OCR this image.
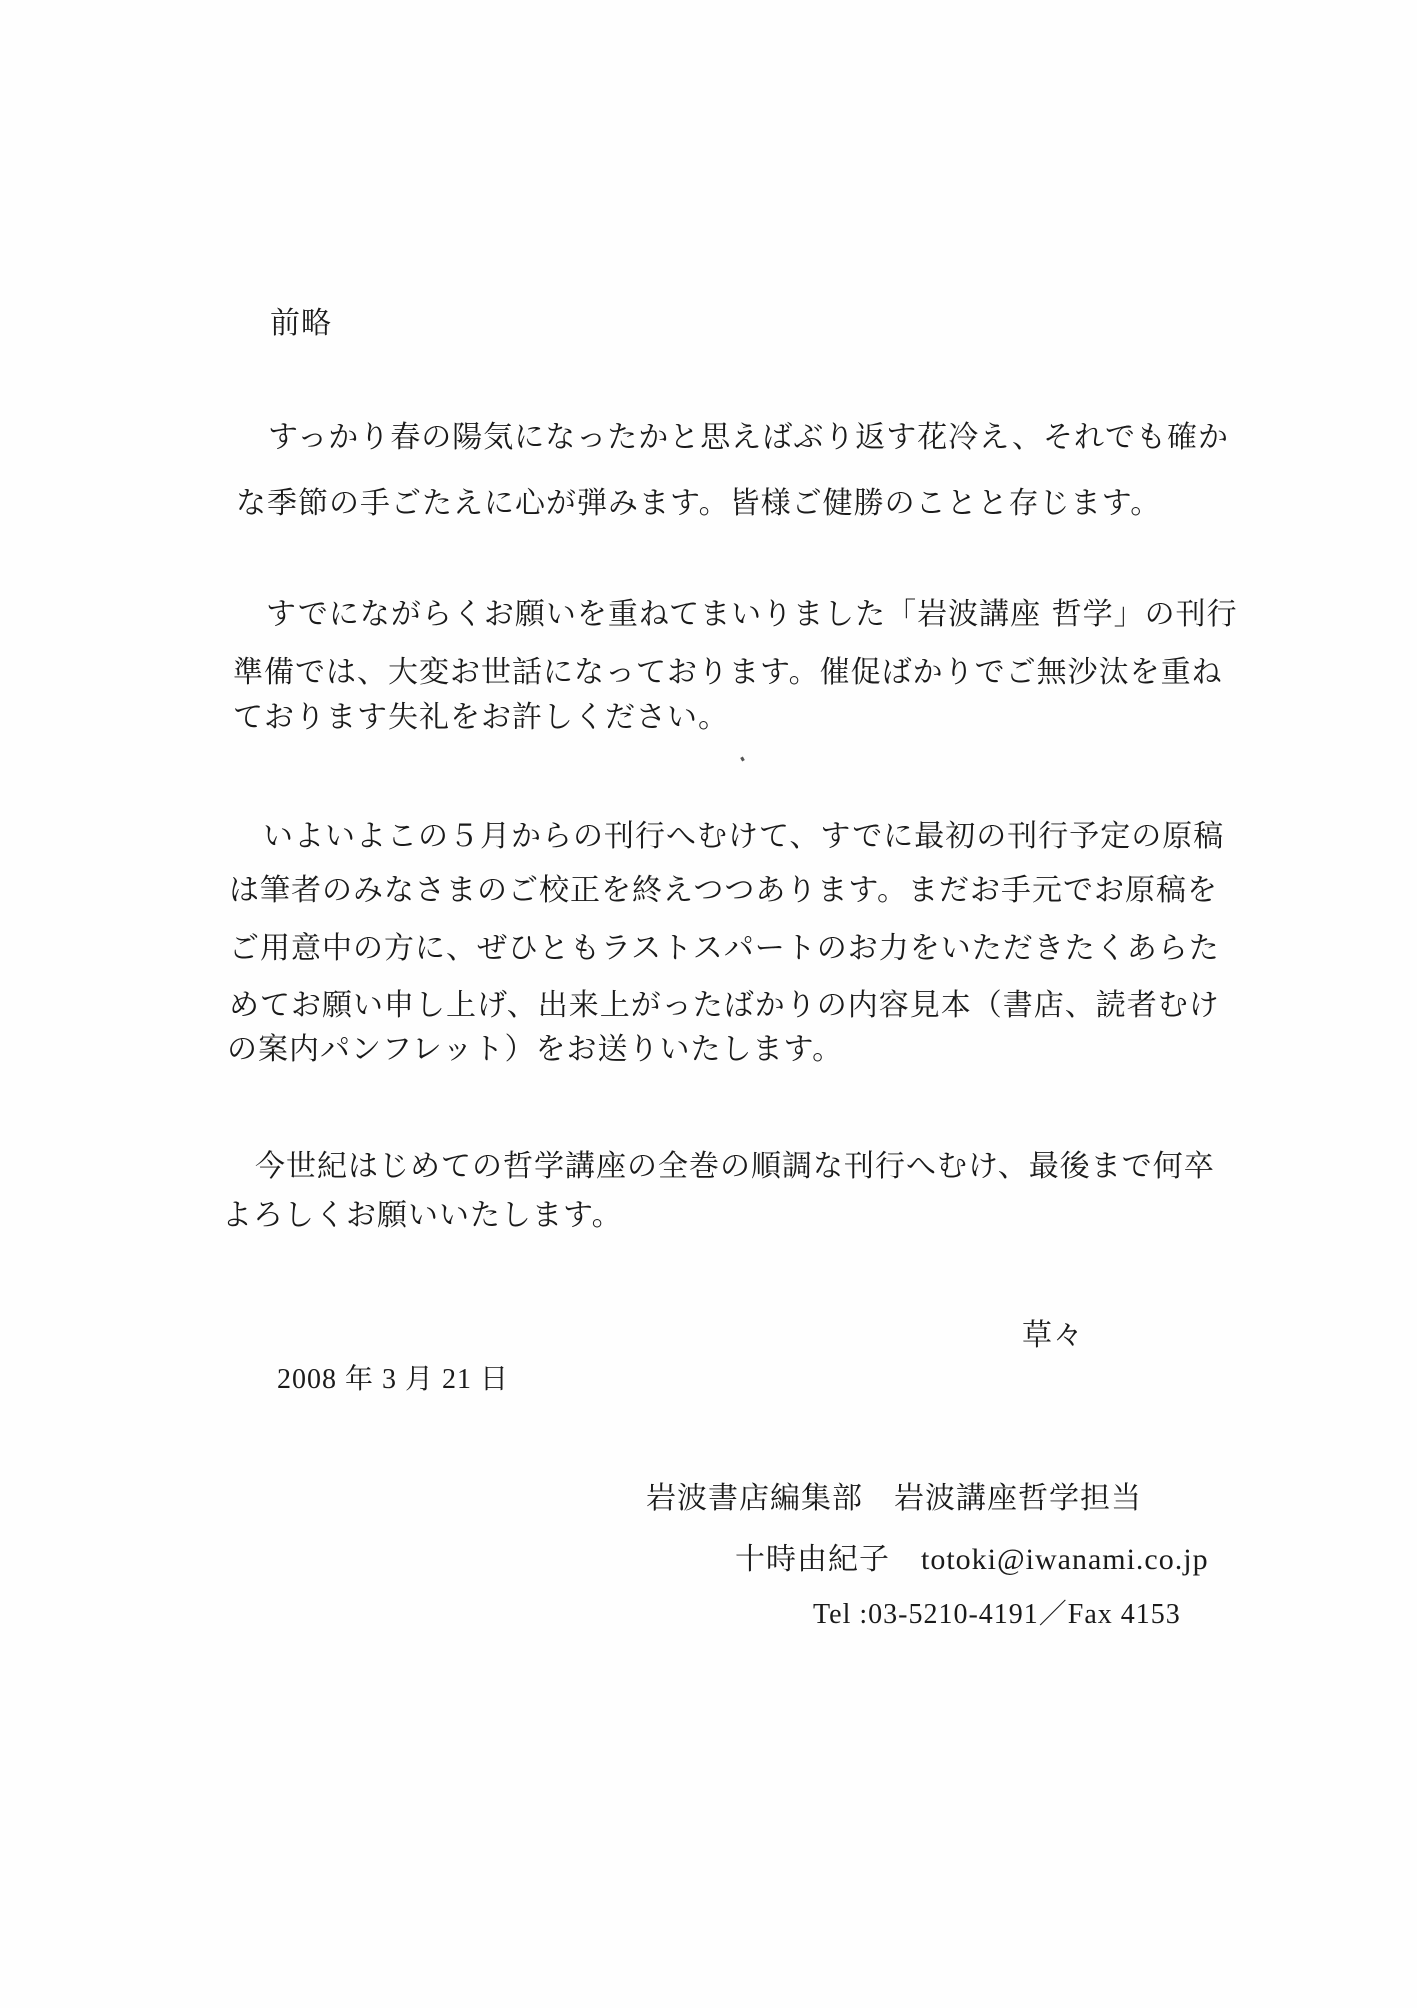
前略
すっかり春の陽気になったかと思えばぶり返す花冷え、それでも確か
な季節の手ごたえに心が弾みます。皆様ご健勝のことと存じます。
すでにながらくお願いを重ねてまいりました「岩波講座 哲学」の刊行
準備では、大変お世話になっております。催促ばかりでご無沙汰を重ね
ております失礼をお許しください。
いよいよこの５月からの刊行へむけて、すでに最初の刊行予定の原稿
は筆者のみなさまのご校正を終えつつあります。まだお手元でお原稿を
ご用意中の方に、ぜひともラストスパートのお力をいただきたくあらた
めてお願い申し上げ、出来上がったばかりの内容見本（書店、読者むけ
の案内パンフレット）をお送りいたします。
今世紀はじめての哲学講座の全巻の順調な刊行へむけ、最後まで何卒
よろしくお願いいたします。
草々
2008 年 3 月 21 日
岩波書店編集部　岩波講座哲学担当
十時由紀子　totoki@iwanami.co.jp
Tel :03-5210-4191／Fax 4153
